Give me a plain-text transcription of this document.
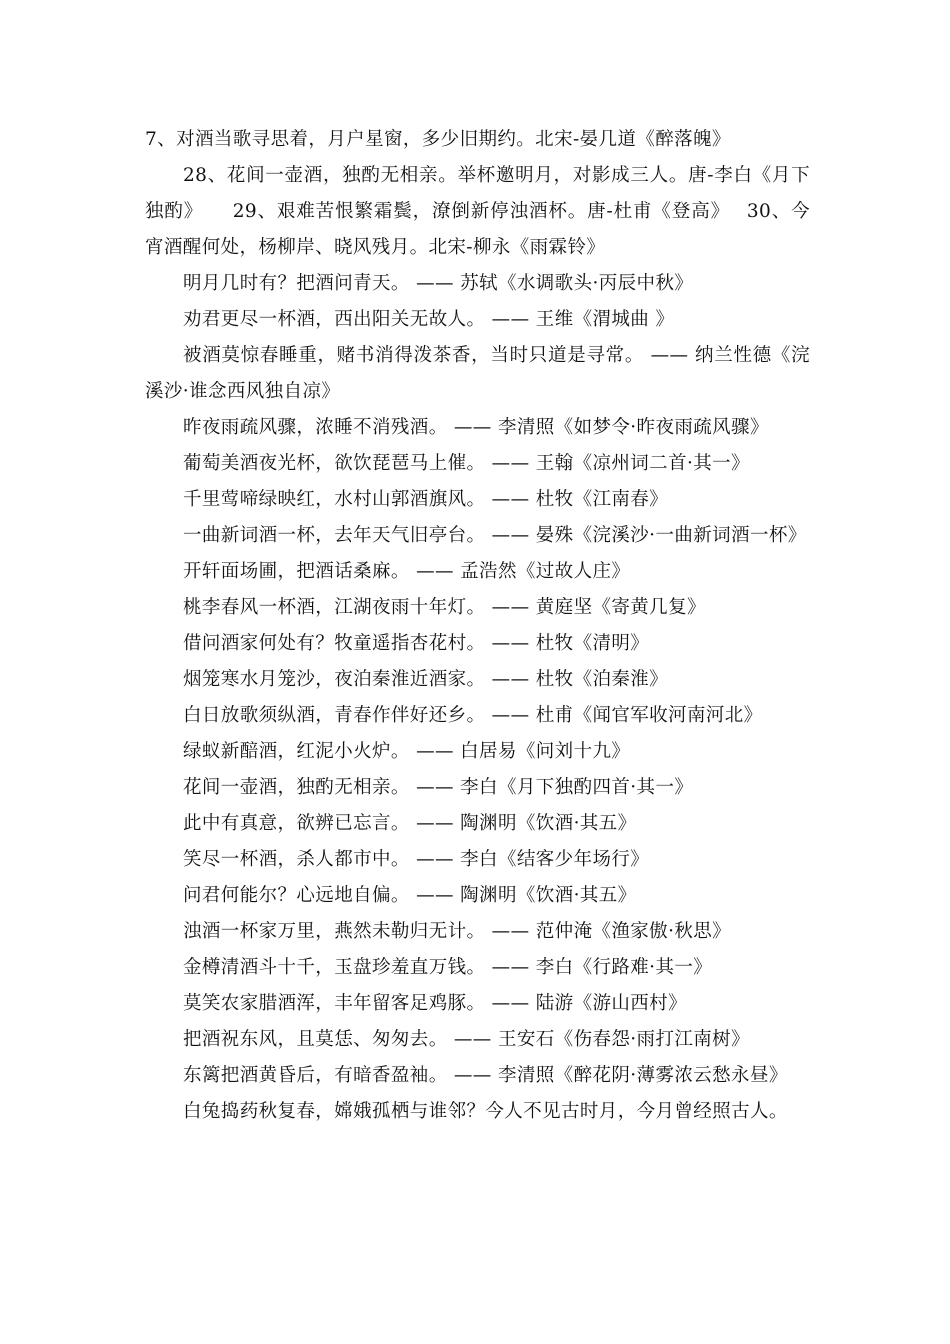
7、对酒当歌寻思着，月户星窗，多少旧期约。北宋-晏几道《醉落魄》

28、花间一壶酒，独酌无相亲。举杯邀明月，对影成三人。唐-李白《月下独酌》　　29、艰难苦恨繁霜鬓，潦倒新停浊酒杯。唐-杜甫《登高》　 30、今宵酒醒何处，杨柳岸、晓风残月。北宋-柳永《雨霖铃》

明月几时有？把酒问青天。 —— 苏轼《水调歌头·丙辰中秋》

劝君更尽一杯酒，西出阳关无故人。 —— 王维《渭城曲 》

被酒莫惊春睡重，赌书消得泼茶香，当时只道是寻常。 —— 纳兰性德《浣溪沙·谁念西风独自凉》

昨夜雨疏风骤，浓睡不消残酒。 —— 李清照《如梦令·昨夜雨疏风骤》

葡萄美酒夜光杯，欲饮琵琶马上催。 —— 王翰《凉州词二首·其一》

千里莺啼绿映红，水村山郭酒旗风。 —— 杜牧《江南春》

一曲新词酒一杯，去年天气旧亭台。 —— 晏殊《浣溪沙·一曲新词酒一杯》

开轩面场圃，把酒话桑麻。 —— 孟浩然《过故人庄》

桃李春风一杯酒，江湖夜雨十年灯。 —— 黄庭坚《寄黄几复》

借问酒家何处有？牧童遥指杏花村。 —— 杜牧《清明》

烟笼寒水月笼沙，夜泊秦淮近酒家。 —— 杜牧《泊秦淮》

白日放歌须纵酒，青春作伴好还乡。 —— 杜甫《闻官军收河南河北》

绿蚁新醅酒，红泥小火炉。 —— 白居易《问刘十九》

花间一壶酒，独酌无相亲。 —— 李白《月下独酌四首·其一》

此中有真意，欲辨已忘言。 —— 陶渊明《饮酒·其五》

笑尽一杯酒，杀人都市中。 —— 李白《结客少年场行》

问君何能尔？心远地自偏。 —— 陶渊明《饮酒·其五》

浊酒一杯家万里，燕然未勒归无计。 —— 范仲淹《渔家傲·秋思》

金樽清酒斗十千，玉盘珍羞直万钱。 —— 李白《行路难·其一》

莫笑农家腊酒浑，丰年留客足鸡豚。 —— 陆游《游山西村》

把酒祝东风，且莫恁、匆匆去。 —— 王安石《伤春怨·雨打江南树》

东篱把酒黄昏后，有暗香盈袖。 —— 李清照《醉花阴·薄雾浓云愁永昼》

白兔捣药秋复春，嫦娥孤栖与谁邻？今人不见古时月，今月曾经照古人。
